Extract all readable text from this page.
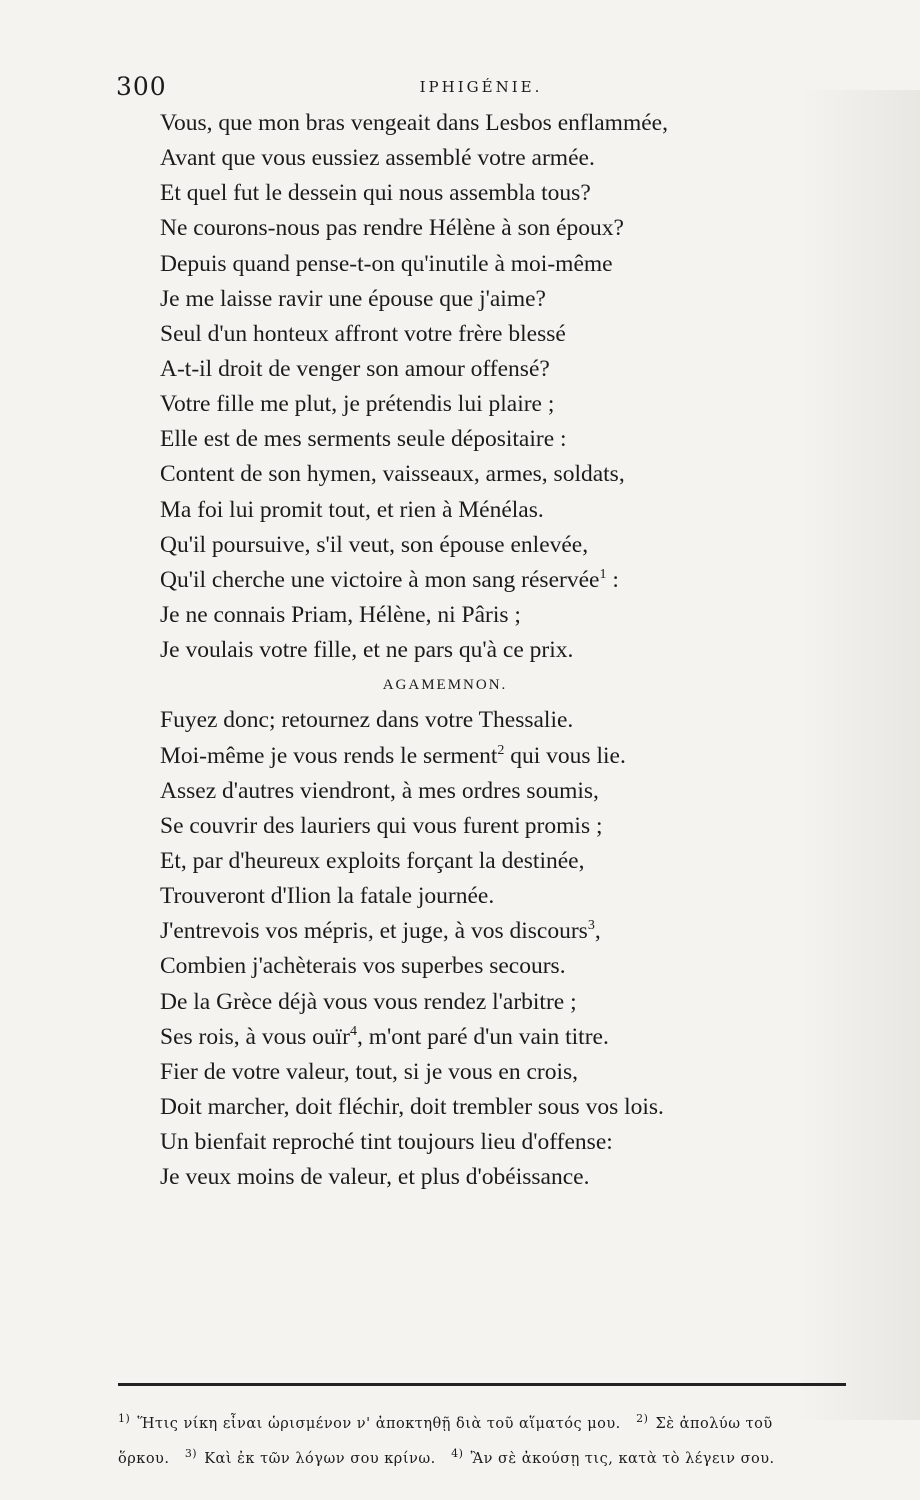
300	IPHIGÉNIE.
Vous, que mon bras vengeait dans Lesbos enflammée,
Avant que vous eussiez assemblé votre armée.
Et quel fut le dessein qui nous assembla tous?
Ne courons-nous pas rendre Hélène à son époux?
Depuis quand pense-t-on qu'inutile à moi-même
Je me laisse ravir une épouse que j'aime?
Seul d'un honteux affront votre frère blessé
A-t-il droit de venger son amour offensé?
Votre fille me plut, je prétendis lui plaire ;
Elle est de mes serments seule dépositaire :
Content de son hymen, vaisseaux, armes, soldats,
Ma foi lui promit tout, et rien à Ménélas.
Qu'il poursuive, s'il veut, son épouse enlevée,
Qu'il cherche une victoire à mon sang réservée$^1$ :
Je ne connais Priam, Hélène, ni Pâris ;
Je voulais votre fille, et ne pars qu'à ce prix.
AGAMEMNON.
Fuyez donc; retournez dans votre Thessalie.
Moi-même je vous rends le serment$^2$ qui vous lie.
Assez d'autres viendront, à mes ordres soumis,
Se couvrir des lauriers qui vous furent promis ;
Et, par d'heureux exploits forçant la destinée,
Trouveront d'Ilion la fatale journée.
J'entrevois vos mépris, et juge, à vos discours$^3$,
Combien j'achèterais vos superbes secours.
De la Grèce déjà vous vous rendez l'arbitre ;
Ses rois, à vous ouïr$^4$, m'ont paré d'un vain titre.
Fier de votre valeur, tout, si je vous en crois,
Doit marcher, doit fléchir, doit trembler sous vos lois.
Un bienfait reproché tint toujours lieu d'offense:
Je veux moins de valeur, et plus d'obéissance.

$^{1)}$ Ἥτις νίκη εἶναι ὡρισμένον ν' ἀποκτηθῇ διὰ τοῦ αἵματός μου. $^{2)}$ Σὲ ἀπολύω τοῦ

ὅρκου. $^{3)}$ Καὶ ἐκ τῶν λόγων σου κρίνω. $^{4)}$ Ἂν σὲ ἀκούσῃ τις, κατὰ τὸ λέγειν σου.
